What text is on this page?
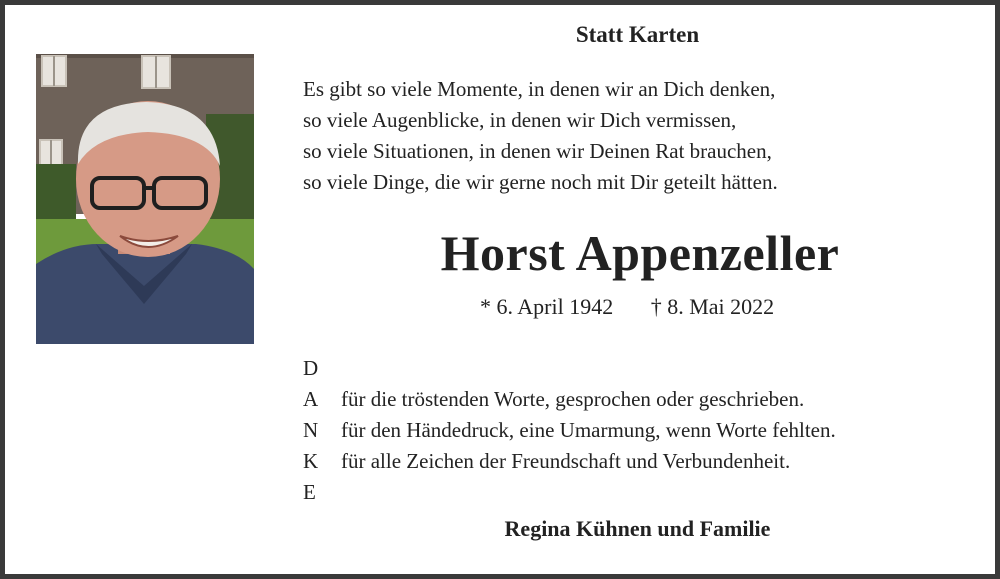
Statt Karten
Es gibt so viele Momente, in denen wir an Dich denken,
so viele Augenblicke, in denen wir Dich vermissen,
so viele Situationen, in denen wir Deinen Rat brauchen,
so viele Dinge, die wir gerne noch mit Dir geteilt hätten.
Horst Appenzeller
* 6. April 1942 † 8. Mai 2022
D
A	für die tröstenden Worte, gesprochen oder geschrieben.
N	für den Händedruck, eine Umarmung, wenn Worte fehlten.
K	für alle Zeichen der Freundschaft und Verbundenheit.
E
Regina Kühnen und Familie
